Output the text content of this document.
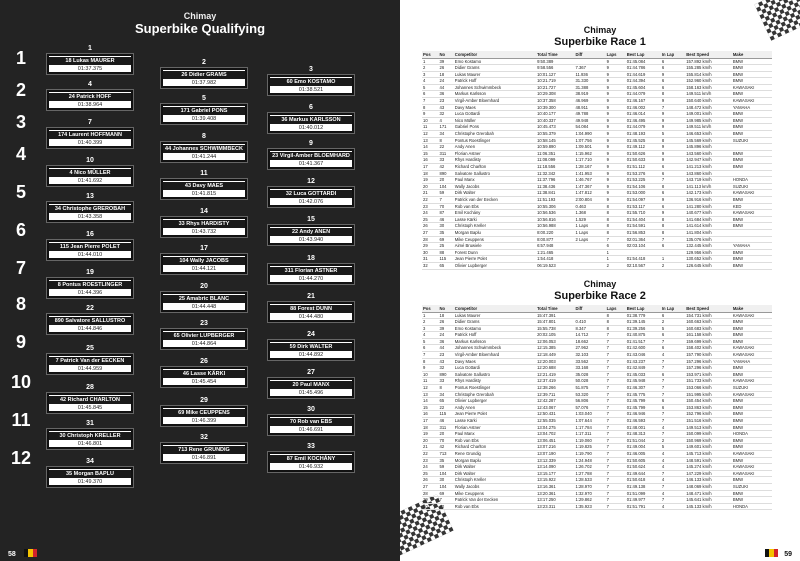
Chimay
Superbike Qualifying
1
2
3
4
5
6
7
8
9
10
11
12
1
18 Lukas MAURER
01:37.375
2
26 Didier GRAMS
01:37.982
3
60 Emo KOSTAMO
01:38.521
4
24 Patrick HOFF
01:38.964
5
171 Gabriel PONS
01:39.408
6
36 Markus KARLSSON
01:40.012
7
174 Laurent HOFFMANN
01:40.399
8
44 Johannes SCHWIMMBECK
01:41.244
9
23 Virgil-Amber BLOEMHARD
01:41.367
10
4 Nico MÜLLER
01:41.692
11
43 Davy MAES
01:41.815
12
32 Luca GOTTARDI
01:42.076
13
34 Christophe GREROBAH
01:43.358
14
33 Rhys HARDISTY
01:43.732
15
22 Andy ANEN
01:43.940
16
115 Jean Pierre POLET
01:44.010
17
104 Wally JACOBS
01:44.121
18
311 Florian ASTNER
01:44.270
19
8 Pontus ROESTLINGER
01:44.396
20
25 Amabric BLANC
01:44.448
21
88 Forest DUNN
01:44.480
22
890 Salvatore SALLUSTRO
01:44.846
23
65 Olivier LUPBERGER
01:44.864
24
59 Dirk WALTER
01:44.892
25
7 Patrick Van der EECKEN
01:44.959
26
46 Lasse KÄRKI
01:45.454
27
20 Paul MANX
01:45.496
28
42 Richard CHARLTON
01:45.845
29
69 Mike CEUPPENS
01:46.399
30
70 Rob van EBS
01:46.691
31
30 Christoph KRELLER
01:46.801
32
713 Rene GRUNDIG
01:46.891
33
87 Emil KOCHÁNY
01:46.932
34
35 Morgan BAPLU
01:49.370
58
Chimay
Superbike Race 1
Pos	No	Competitor	Total Time	Diff	Laps	Best Lap	In Lap	Best Speed	Make
1	39	Emo Kostamo	9:50.389		9	01:45.084	6	157.892 km/h	BMW
2	26	Didier Grams	9:58.556	7.367	9	01:44.786	6	155.285 km/h	BMW
3	18	Lukas Maurer	10:01.127	11.936	9	01:44.619	9	155.814 km/h	BMW
4	24	Patrick Hoff	10:21.719	31.330	9	01:44.394	6	152.960 km/h	BMW
5	44	Johannes Schwimmbeck	10:21.727	31.388	9	01:45.604	6	158.163 km/h	KAWASAKI
6	36	Markus Karlsson	10:29.308	38.919	9	01:44.079	8	149.511 km/h	BMW
7	23	Virgil-Amber Bloemhard	10:37.358	46.969	9	01:46.167	9	150.640 km/h	KAWASAKI
8	43	Davy Maes	10:39.300	48.911	9	01:46.002	7	148.472 km/h	YAMAHA
9	32	Luca Gottardi	10:40.177	49.788	9	01:46.014	9	149.001 km/h	BMW
10	4	Nico Müller	10:40.337	49.948	9	01:46.495	9	149.985 km/h	BMW
11	171	Gabriel Pons	10:45.473	54.084	9	01:44.079	9	149.511 km/h	BMW
12	34	Christophe Grerobah	10:55.379	1:04.990	9	01:48.193	5	146.653 km/h	BMW
13	8	Pontus Roestlinger	10:58.145	1:07.756	9	01:45.525	8	145.569 km/h	SUZUKI
14	22	Andy Anen	10:59.890	1:09.501	9	01:49.112	9	145.896 km/h	
15	311	Florian Astner	11:06.351	1:15.962	9	01:50.626	9	143.560 km/h	BMW
16	33	Rhys Hardisty	11:08.099	1:17.710	9	01:50.633	9	142.947 km/h	BMW
17	42	Richard Charlton	11:18.556	1:28.167	9	01:51.112	6	141.213 km/h	BMW
18	890	Salvatore Sallustro	11:32.342	1:41.953	9	01:53.276	6	143.860 km/h	
19	20	Paul Manx	11:37.796	1:46.767	9	01:53.225	7	143.719 km/h	HONDA
20	104	Wally Jacobs	11:38.436	1:47.367	9	01:54.106	8	141.113 km/h	SUZUKI
21	59	Dirk Walter	11:38.841	1:47.812	9	01:53.000	6	142.173 km/h	KAWASAKI
22	7	Patrick van der Eecken	11:51.193	2:00.804	9	01:54.097	9	136.916 km/h	BMW
23	70	Rob van Ebs	10:55.306	0.463	8	01:53.117	6	141.280 km/h	KED
24	87	Emil Kochány	10:56.536	1.368	8	01:55.710	9	140.677 km/h	KAWASAKI
25	46	Lasse Kärki	10:56.816	1.529	8	01:54.404	8	141.684 km/h	BMW
26	30	Christoph Kreller	10:56.988	1 Laps	8	01:54.591	8	141.614 km/h	BMW
27	35	Morgan Baplu	8:00.220	1 Laps	8	01:56.853	8	141.804 km/h	
28	69	Mike Ceuppens	8:00.877	2 Laps	7	02:01.364	7	135.076 km/h	
29	25	Aimé Bruwiele	6:57.948		6	02:03.104	6	132.445 km/h	YAMAHA
30	88	Forest Dunn	1:21.465		1			129.956 km/h	BMW
31	115	Jean Pierre Polet	1:54.418		1	01:54.418	1	130.652 km/h	BMW
32	65	Olivier Lupberger	06:19.523		2	02:10.567	2	126.645 km/h	BMW
Chimay
Superbike Race 2
Pos	No	Competitor	Total Time	Diff	Laps	Best Lap	In Lap	Best Speed	Make
1	18	Lukas Maurer	15:47.391		8	01:38.779	6	154.731 km/h	KAWASAKI
2	26	Didier Grams	15:47.801	0.410	8	01:39.145	2	160.663 km/h	BMW
3	39	Emo Kostamo	15:55.738	8.347	8	01:39.256	5	160.683 km/h	BMW
4	24	Patrick Hoff	20:02.105	14.712	7	01:40.875	6	161.158 km/h	BMW
5	36	Markus Karlsson	12:06.053	18.662	7	01:41.517	7	159.699 km/h	BMW
6	44	Johannes Schwimmbeck	12:15.385	27.962	7	01:42.600	6	158.402 km/h	KAWASAKI
7	23	Virgil-Amber Bloemhard	12:18.449	32.103	7	01:43.046	4	157.790 km/h	KAWASAKI
8	43	Davy Maes	12:20.003	33.562	7	01:43.237	7	157.296 km/h	YAMAHA
9	32	Luca Gottardi	12:20.688	33.168	7	01:42.849	7	157.296 km/h	BMW
10	890	Salvatore Sallustro	12:21.419	35.028	7	01:45.033	6	153.971 km/h	BMW
11	33	Rhys Hardisty	12:37.419	50.028	7	01:45.948	7	151.733 km/h	KAWASAKI
12	8	Pontus Roestlinger	12:38.266	51.875	7	01:46.307	7	153.066 km/h	SUZUKI
13	34	Christophe Grerobah	12:39.711	53.320	7	01:45.775	7	151.995 km/h	KAWASAKI
14	65	Olivier Lupberger	12:42.287	56.806	7	01:45.799	6	150.454 km/h	BMW
15	22	Andy Anen	12:43.067	57.076	7	01:45.799	6	153.863 km/h	BMW
16	115	Jean Pierre Polet	12:50.431	1:03.040	7	01:46.946	7	152.796 km/h	BMW
17	46	Lasse Kärki	12:55.035	1:07.644	7	01:46.593	7	151.516 km/h	BMW
18	311	Florian Astner	13:04.275	1:17.784	7	01:48.001	4	149.513 km/h	BMW
19	20	Paul Manx	13:04.702	1:17.311	7	01:48.313	7	150.099 km/h	HONDA
20	70	Rob van Ebs	13:06.451	1:19.060	7	01:51.044	2	150.969 km/h	BMW
21	42	Richard Charlton	13:07.216	1:19.825	7	01:49.004	5	149.601 km/h	BMW
22	713	Rene Grundig	13:07.190	1:19.790	7	01:46.005	4	145.713 km/h	KAWASAKI
23	35	Morgan Baplu	13:12.339	1:24.948	7	01:50.605	4	148.591 km/h	BMW
24	59	Dirk Walter	13:14.090	1:26.702	7	01:50.624	4	145.274 km/h	KAWASAKI
25	104	Dirk Walter	13:15.177	1:27.788	7	01:49.644	7	147.229 km/h	KAWASAKI
26	30	Christoph Kreller	13:15.922	1:28.533	7	01:50.618	4	146.133 km/h	BMW
27	104	Wally Jacobs	13:16.361	1:28.970	7	01:49.138	7	148.069 km/h	SUZUKI
28	69	Mike Ceuppens	13:20.361	1:32.970	7	01:51.099	4	148.471 km/h	BMW
29	7	Patrick Van der Eecken	13:17.250	1:29.862	7	01:49.977	7	145.641 km/h	BMW
30	70	Rob van Ebs	13:23.311	1:35.923	7	01:51.791	4	145.133 km/h	HONDA
59
